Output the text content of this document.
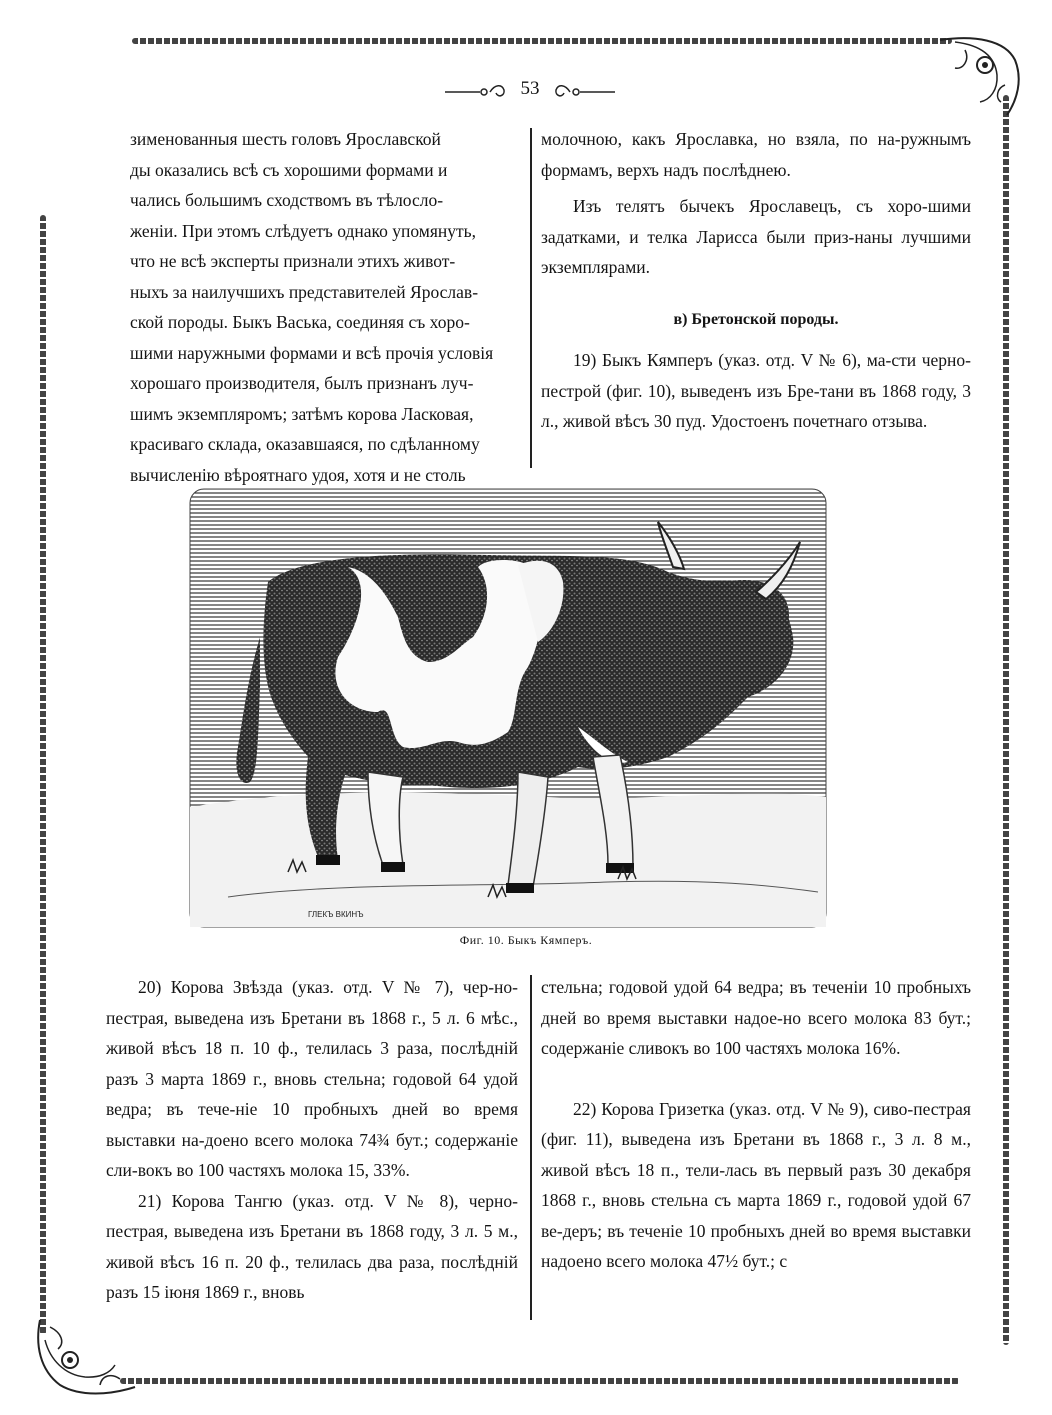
53
зименованныя шесть головъ Ярославской
ды оказались всѣ съ хорошими формами и
чались большимъ сходствомъ въ тѣлосло-
женіи. При этомъ слѣдуетъ однако упомянуть,
что не всѣ эксперты признали этихъ живот-
ныхъ за наилучшихъ представителей Ярослав-
ской породы. Быкъ Васька, соединяя съ хоро-
шими наружными формами и всѣ прочія условія
хорошаго производителя, былъ признанъ луч-
шимъ экземпляромъ; затѣмъ корова Ласковая,
красиваго склада, оказавшаяся, по сдѣланному
вычисленію вѣроятнаго удоя, хотя и не столь

молочною, какъ Ярославка, но взяла, по на-ружнымъ формамъ, верхъ надъ послѣднею.

Изъ телятъ бычекъ Ярославецъ, съ хоро-шими задатками, и телка Ларисса были приз-наны лучшими экземплярами.

в) Бретонской породы.

19) Быкъ Кямперъ (указ. отд. V № 6), ма-сти черно-пестрой (фиг. 10), выведенъ изъ Бре-тани въ 1868 году, 3 л., живой вѣсъ 30 пуд. Удостоенъ почетнаго отзыва.

ГЛЕКЪ ВКИНЪ
Фиг. 10. Быкъ Кямперъ.

20) Корова Звѣзда (указ. отд. V № 7), чер-но-пестрая, выведена изъ Бретани въ 1868 г., 5 л. 6 мѣс., живой вѣсъ 18 п. 10 ф., телилась 3 раза, послѣдній разъ 3 марта 1869 г., вновь стельна; годовой 64 удой ведра; въ тече-ніе 10 пробныхъ дней во время выставки на-доено всего молока 74¾ бут.; содержаніе сли-вокъ во 100 частяхъ молока 15, 33%.

21) Корова Тангю (указ. отд. V № 8), черно-пестрая, выведена изъ Бретани въ 1868 году, 3 л. 5 м., живой вѣсъ 16 п. 20 ф., телилась два раза, послѣдній разъ 15 іюня 1869 г., вновь

стельна; годовой удой 64 ведра; въ теченіи 10 пробныхъ дней во время выставки надое-но всего молока 83 бут.; содержаніе сливокъ во 100 частяхъ молока 16%.

22) Корова Гризетка (указ. отд. V № 9), сиво-пестрая (фиг. 11), выведена изъ Бретани въ 1868 г., 3 л. 8 м., живой вѣсъ 18 п., тели-лась въ первый разъ 30 декабря 1868 г., вновь стельна съ марта 1869 г., годовой удой 67 ве-деръ; въ теченіе 10 пробныхъ дней во время выставки надоено всего молока 47½ бут.; с
